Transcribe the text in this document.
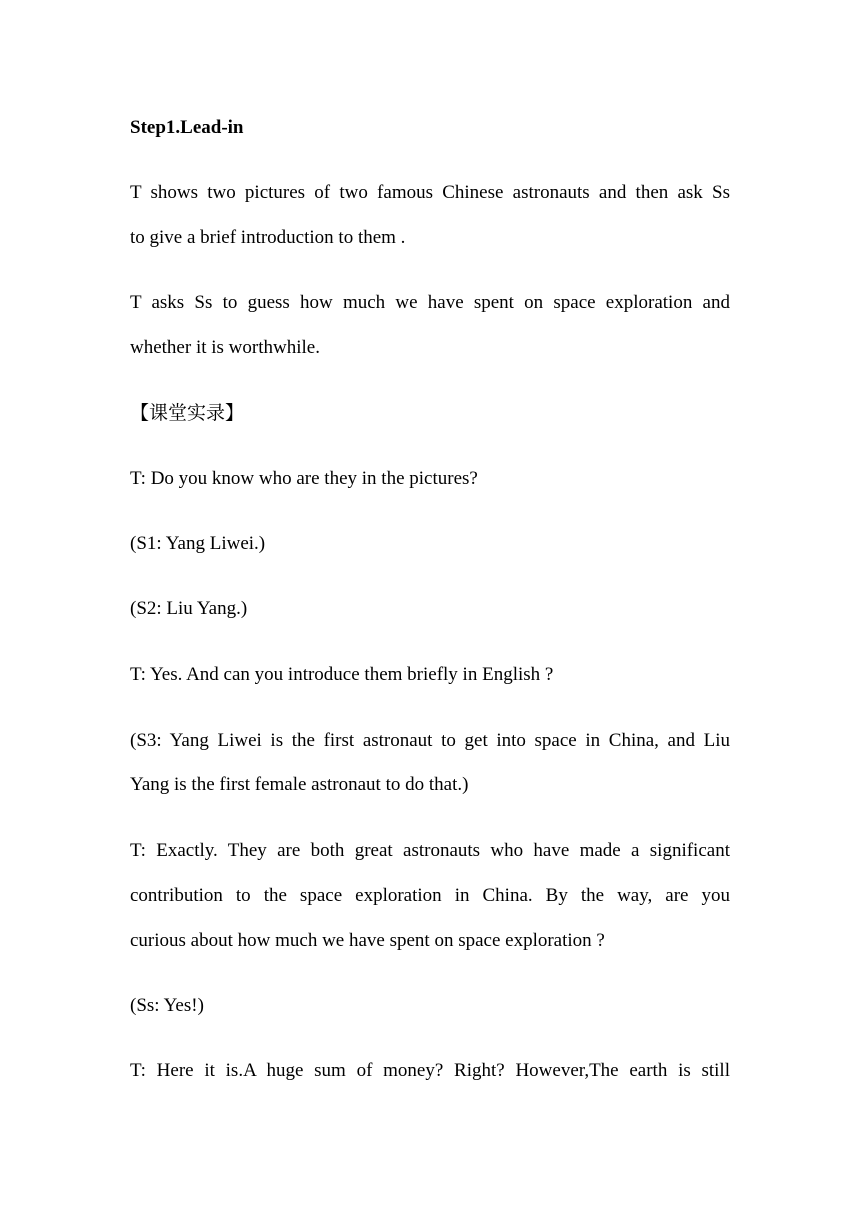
Step1.Lead-in
T shows two pictures of two famous Chinese astronauts and then ask Ss
to give a brief introduction to them .
T asks Ss to guess how much we have spent on space exploration and
whether it is worthwhile.
【课堂实录】
T: Do you know who are they in the pictures?
(S1: Yang Liwei.)
(S2: Liu Yang.)
T: Yes. And can you introduce them briefly in English ?
(S3: Yang Liwei is the first astronaut to get into space in China, and Liu
Yang is the first female astronaut to do that.)
T: Exactly. They are both great astronauts who have made a significant
contribution to the space exploration in China. By the way, are you
curious about how much we have spent on space exploration ?
(Ss: Yes!)
T: Here it is.A huge sum of money? Right? However,The earth is still
